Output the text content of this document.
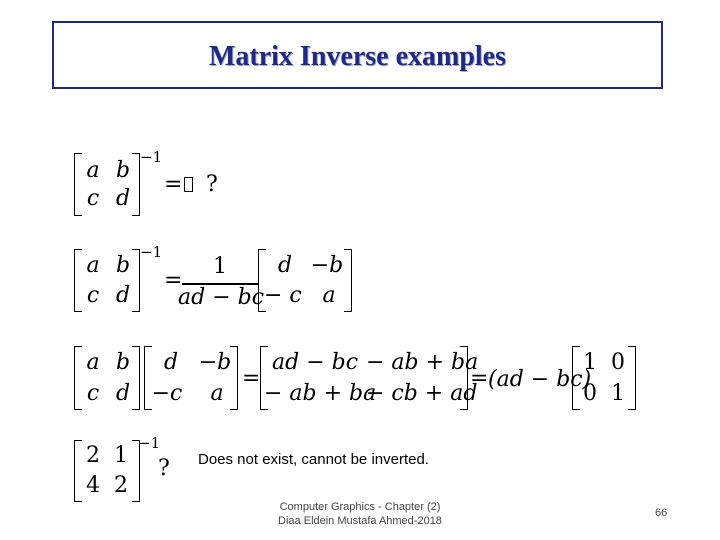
Matrix Inverse examples
a b
c d
−1
= ?
a b
c d
−1
=
1
ad − bc
d −b
− c a
a b
c d
d −b
−c	a
=
ad − bc − ab + ba
− ab + ba
− cb + ad
= (ad − bc)
1 0
0 1
2 1
4 2
−1
? Does not exist, cannot be inverted.
Computer Graphics - Chapter (2)
Diaa Eldein Mustafa Ahmed-2018
66
